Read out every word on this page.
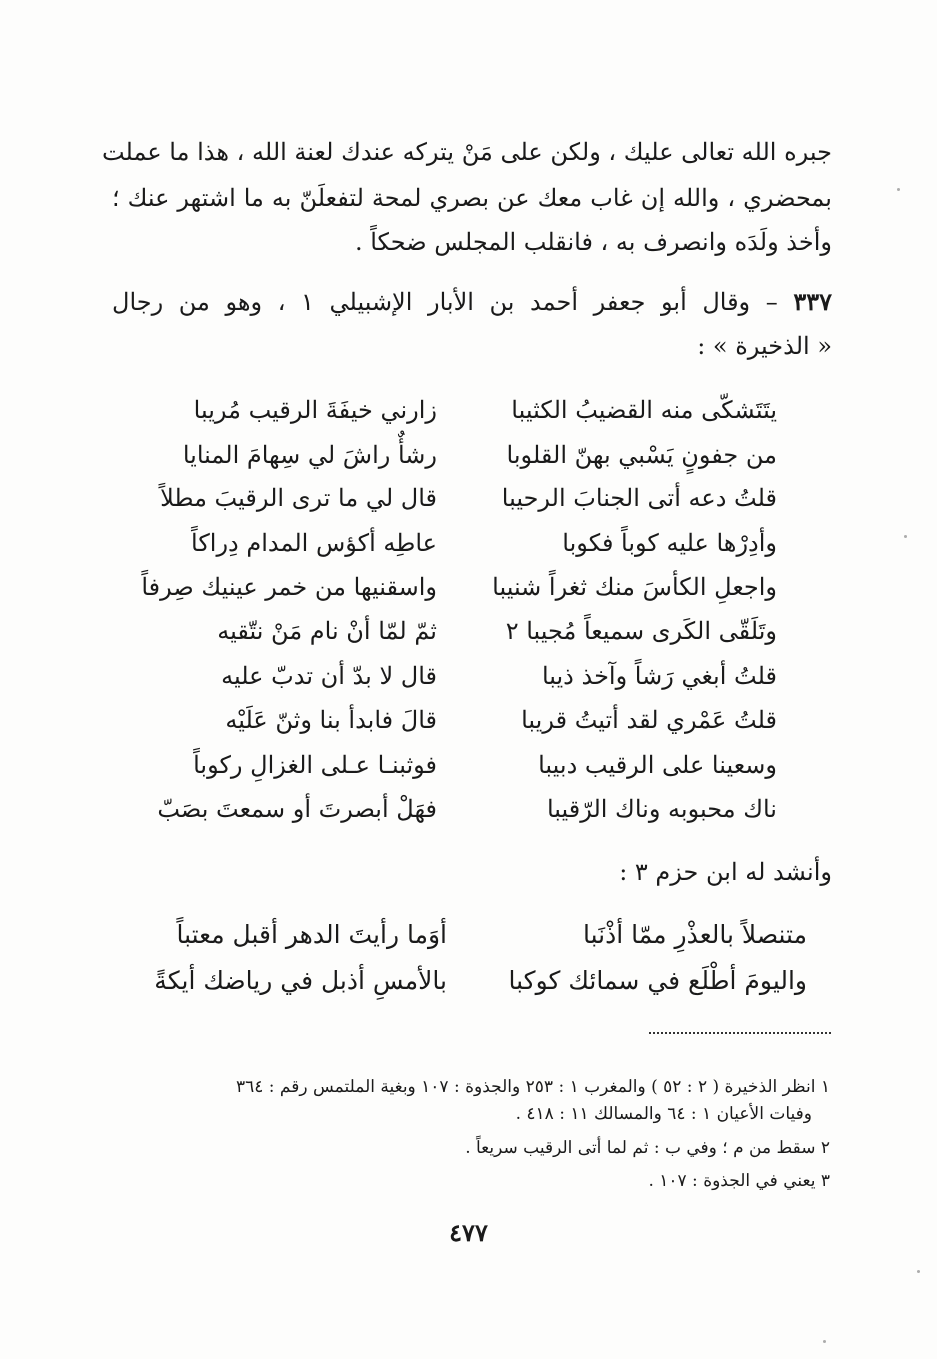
جبره الله تعالى عليك ، ولكن على مَنْ يتركه عندك لعنة الله ، هذا ما عملت
بمحضري ، والله إن غاب معك عن بصري لمحة لتفعلَنّ به ما اشتهر عنك ؛
وأخذ ولَدَه وانصرف به ، فانقلب المجلس ضحكاً .
٣٣٧ – وقال أبو جعفر أحمد بن الأبار الإشبيلي ١ ، وهو من رجال
« الذخيرة » :
زارني خيفَةَ الرقيب مُريبا	يتَتَشكّى منه القضيبُ الكثيبا
رشأٌ راشَ لي سِهامَ المنايا	من جفونٍ يَسْبي بهنّ القلوبا
قال لي ما ترى الرقيبَ مطلاً	قلتُ دعه أتى الجنابَ الرحيبا
عاطِه أكؤس المدام دِراكاً	وأدِرْها عليه كوباً فكوبا
واسقنيها من خمر عينيك صِرفاً	واجعلِ الكأسَ منك ثغراً شنيبا
ثمّ لمّا أنْ نام مَنْ نتّقيه	وتَلَقّى الكَرى سميعاً مُجيبا ٢
قال لا بدّ أن تدبّ عليه	قلتُ أبغي رَشاً وآخذ ذيبا
قالَ فابدأ بنا وثنّ عَلَيْه	قلتُ عَمْري لقد أتيتُ قريبا
فوثبنـا عـلى الغزالِ ركوباً	وسعينا على الرقيب دبيبا
فهَلْ أبصرتَ أو سمعتَ بصَبّ	ناك محبوبه وناك الرّقيبا
وأنشد له ابن حزم ٣ :
أوَما رأيتَ الدهر أقبل معتباً	متنصلاً بالعذْرِ ممّا أذْنَبا
بالأمسِ أذبل في رياضك أيكةً	واليومَ أطْلَع في سمائك كوكبا
١ انظر الذخيرة ( ٢ : ٥٢ ) والمغرب ١ : ٢٥٣ والجذوة : ١٠٧ وبغية الملتمس رقم : ٣٦٤
وفيات الأعيان ١ : ٦٤ والمسالك ١١ : ٤١٨ .
٢ سقط من م ؛ وفي ب : ثم لما أتى الرقيب سريعاً .
٣ يعني في الجذوة : ١٠٧ .
٤٧٧
